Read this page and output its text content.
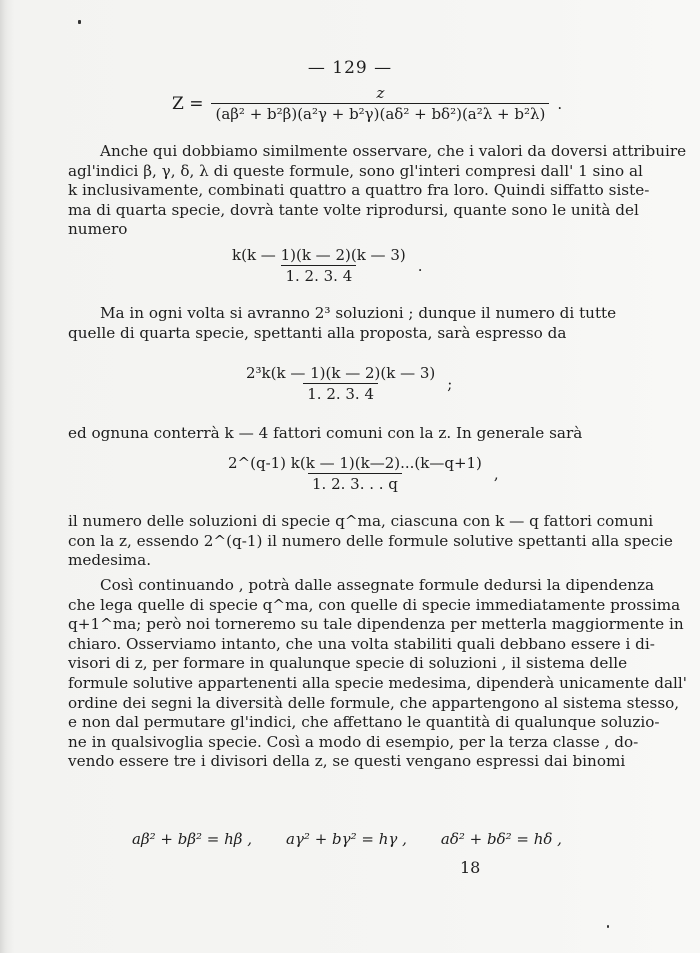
— 129 —
$Z = \frac{z}{\text{(aβ² + b²β)(a²γ + b²γ)(aδ² + bδ²)(a²λ + b²λ)}}$ .
Anche qui dobbiamo similmente osservare, che i valori da doversi attribuire
agl'indici β, γ, δ, λ di queste formule, sono gl'interi compresi dall' 1 sino al
k inclusivamente, combinati quattro a quattro fra loro. Quindi siffatto siste-
ma di quarta specie, dovrà tante volte riprodursi, quante sono le unità del
numero
$\frac{k(k — 1)(k — 2)(k — 3)}{1. 2. 3. 4}$ .
Ma in ogni volta si avranno 2³ soluzioni ; dunque il numero di tutte
quelle di quarta specie, spettanti alla proposta, sarà espresso da
$\frac{\text{2³k(k — 1)(k — 2)(k — 3)}}{1. 2. 3. 4}$ ;
ed ognuna conterrà k — 4 fattori comuni con la z. In generale sarà
$\frac{2\^{}(q-1) k(k — 1)(k—2)...(k—q+1)}{1. 2. 3. . . q}$ ,
il numero delle soluzioni di specie q^ma, ciascuna con k — q fattori comuni
con la z, essendo 2^(q-1) il numero delle formule solutive spettanti alla specie
medesima.
Così continuando , potrà dalle assegnate formule dedursi la dipendenza
che lega quelle di specie q^ma, con quelle di specie immediatamente prossima
q+1^ma; però noi torneremo su tale dipendenza per metterla maggiormente in
chiaro. Osserviamo intanto, che una volta stabiliti quali debbano essere i di-
visori di z, per formare in qualunque specie di soluzioni , il sistema delle
formule solutive appartenenti alla specie medesima, dipenderà unicamente dall'
ordine dei segni la diversità delle formule, che appartengono al sistema stesso,
e non dal permutare gl'indici, che affettano le quantità di qualunque soluzio-
ne in qualsivoglia specie. Così a modo di esempio, per la terza classe , do-
vendo essere tre i divisori della z, se questi vengano espressi dai binomi
aβ² + bβ² = hβ , aγ² + bγ² = hγ , aδ² + bδ² = hδ ,
18
